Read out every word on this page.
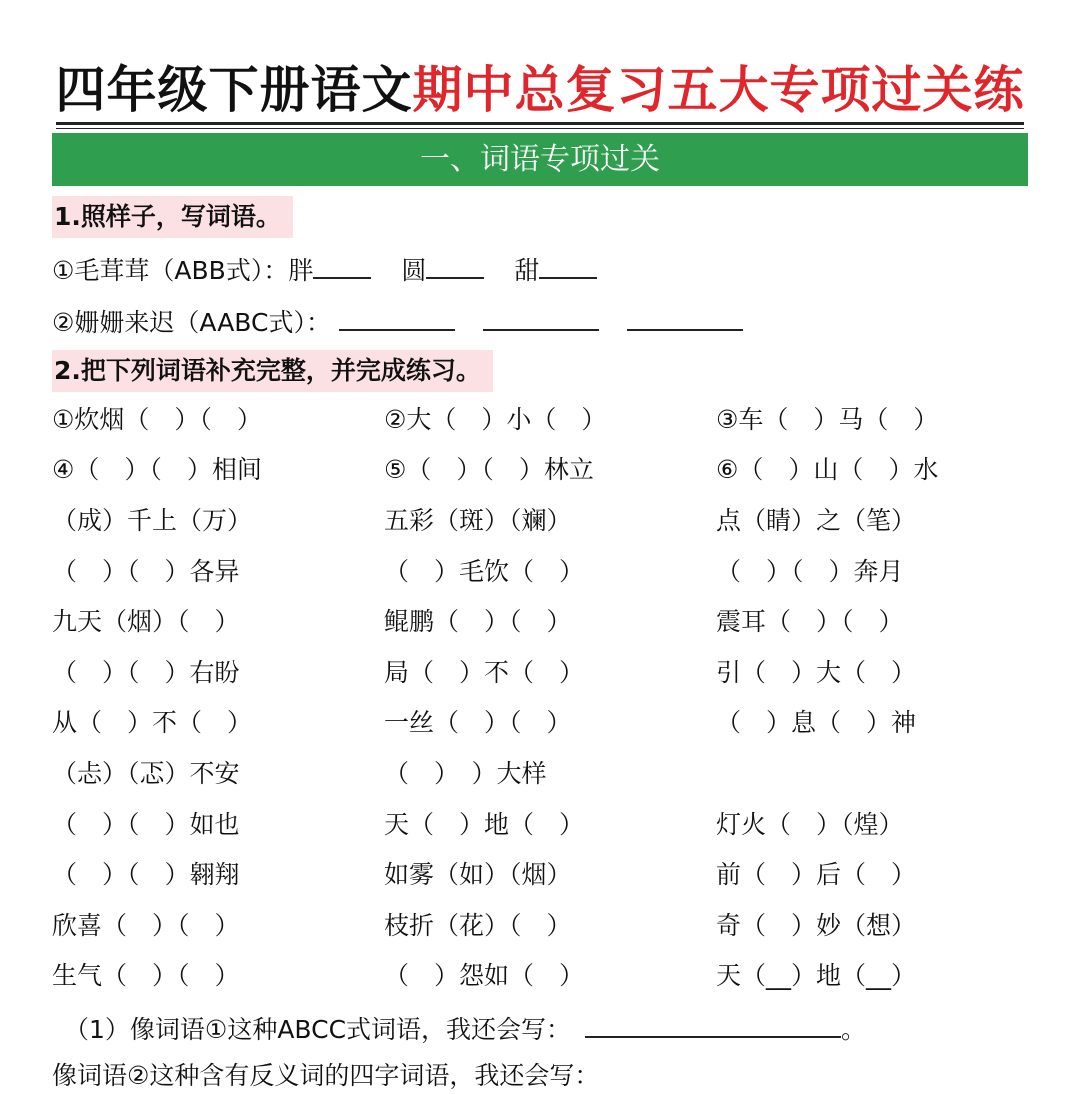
四年级下册语文期中总复习五大专项过关练
一、词语专项过关
1.照样子，写词语。
①毛茸茸（ABB式）：胖	圆	甜
②姗姗来迟（AABC式）：
2.把下列词语补充完整，并完成练习。
①炊烟（　）（　）	②大（　）小（　）	③车（　）马（　）
④（　）（　）相间	⑤（　）（　）林立	⑥（　）山（　）水
（成）千上（万）	五彩（斑）（斓）	点（睛）之（笔）
（　）（　）各异	（　）毛饮（　）	（　）（　）奔月
九天（烟）（　）	鲲鹏（　）（　）	震耳（　）（　）
（　）（　）右盼	局（　）不（　）	引（　）大（　）
从（　）不（　）	一丝（　）（　）	（　）息（　）神
（忐）（忑）不安	（　）　）大样
（　）（　）如也	天（　）地（　）	灯火（　）（煌）
（　）（　）翱翔	如雾（如）（烟）	前（　）后（　）
欣喜（　）（　）	枝折（花）（　）	奇（　）妙（想）
生气（　）（　）	（　）怨如（　）	天（__）地（__）
（1）像词语①这种ABCC式词语，我还会写：	。
像词语②这种含有反义词的四字词语，我还会写：
